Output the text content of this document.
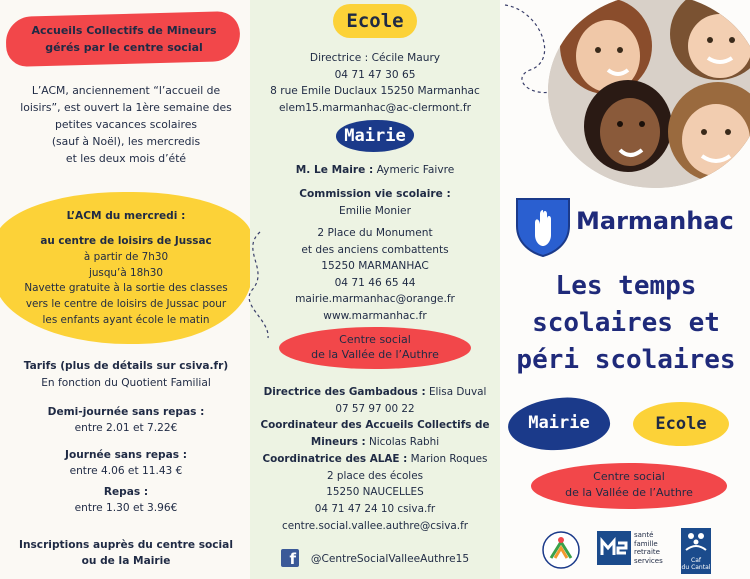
Accueils Collectifs de Mineurs
gérés par le centre social
L’ACM, anciennement “l’accueil de
loisirs”, est ouvert la 1ère semaine des
petites vacances scolaires
(sauf à Noël), les mercredis
et les deux mois d’été
L’ACM du mercredi :
au centre de loisirs de Jussac
à partir de 7h30
jusqu’à 18h30
Navette gratuite à la sortie des classes
vers le centre de loisirs de Jussac pour
les enfants ayant école le matin
Tarifs (plus de détails sur csiva.fr)
En fonction du Quotient Familial
Demi-journée sans repas :
entre 2.01 et 7.22€
Journée sans repas :
entre 4.06 et 11.43 €
Repas :
entre 1.30 et 3.96€
Inscriptions auprès du centre social
ou de la Mairie
Ecole
Directrice : Cécile Maury
04 71 47 30 65
8 rue Emile Duclaux 15250 Marmanhac
elem15.marmanhac@ac-clermont.fr
Mairie
M. Le Maire : Aymeric Faivre
Commission vie scolaire :
Emilie Monier
2 Place du Monument
et des anciens combattents
15250 MARMANHAC
04 71 46 65 44
mairie.marmanhac@orange.fr
www.marmanhac.fr
Centre social
de la Vallée de l’Authre
Directrice des Gambadous : Elisa Duval
07 57 97 00 22
Coordinateur des Accueils Collectifs de
Mineurs : Nicolas Rabhi
Coordinatrice des ALAE : Marion Roques
2 place des écoles
15250 NAUCELLES
04 71 47 24 10 csiva.fr
centre.social.vallee.authre@csiva.fr
f	@CentreSocialValleeAuthre15
Marmanhac
Les temps
scolaires et
péri scolaires
Mairie	Ecole
Centre social
de la Vallée de l’Authre
santé
famille
retraite
services	Caf
du Cantal
